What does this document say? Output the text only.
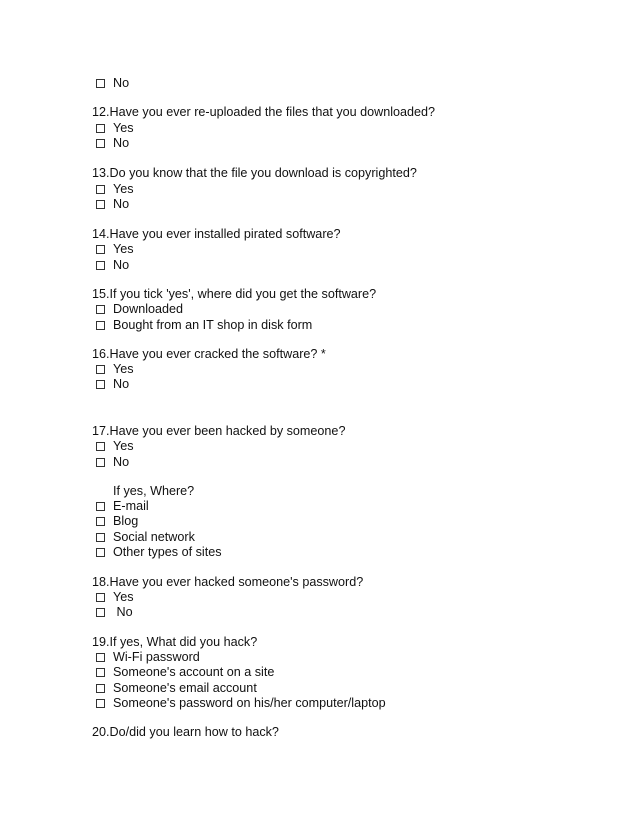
No
12.Have you ever re-uploaded the files that you downloaded?
Yes
No
13.Do you know that the file you download is copyrighted?
Yes
No
14.Have you ever installed pirated software?
Yes
No
15.If you tick 'yes', where did you get the software?
Downloaded
Bought from an IT shop in disk form
16.Have you ever cracked the software? *
Yes
No
17.Have you ever been hacked by someone?
Yes
No
If yes, Where?
E-mail
Blog
Social network
Other types of sites
18.Have you ever hacked someone's password?
Yes
No
19.If yes, What did you hack?
Wi-Fi password
Someone's account on a site
Someone's email account
Someone's password on his/her computer/laptop
20.Do/did you learn how to hack?
